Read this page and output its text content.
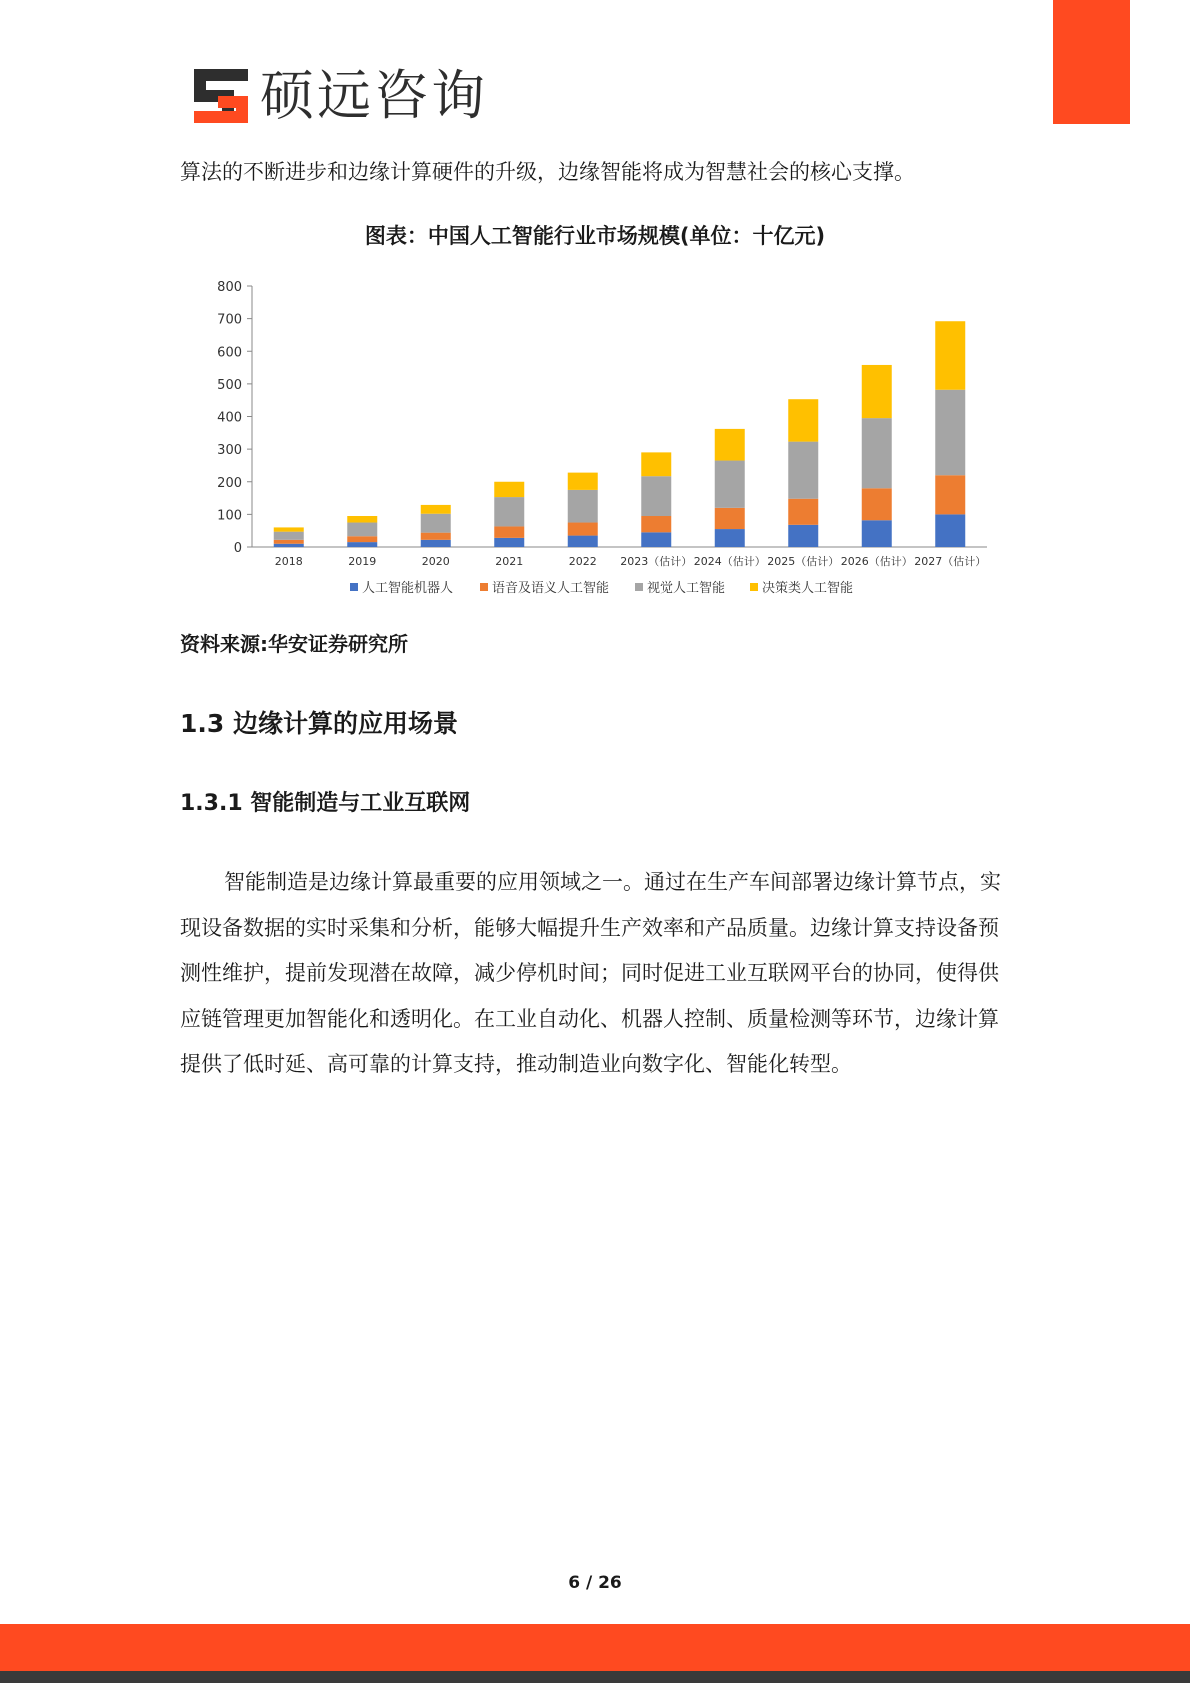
硕远咨询
算法的不断进步和边缘计算硬件的升级，边缘智能将成为智慧社会的核心支撑。
图表：中国人工智能行业市场规模(单位：十亿元)
0
100
200
300
400
500
600
700
800
2018	2019	2020	2021	2022 2023（估计） 2024（估计） 2025（估计） 2026（估计） 2027（估计）
人工智能机器人	语音及语义人工智能	视觉人工智能	决策类人工智能
资料来源:华安证券研究所
1.3 边缘计算的应用场景
1.3.1 智能制造与工业互联网

智能制造是边缘计算最重要的应用领域之一。通过在生产车间部署边缘计算节点，实现设备数据的实时采集和分析，能够大幅提升生产效率和产品质量。边缘计算支持设备预测性维护，提前发现潜在故障，减少停机时间；同时促进工业互联网平台的协同，使得供应链管理更加智能化和透明化。在工业自动化、机器人控制、质量检测等环节，边缘计算提供了低时延、高可靠的计算支持，推动制造业向数字化、智能化转型。

6 / 26
